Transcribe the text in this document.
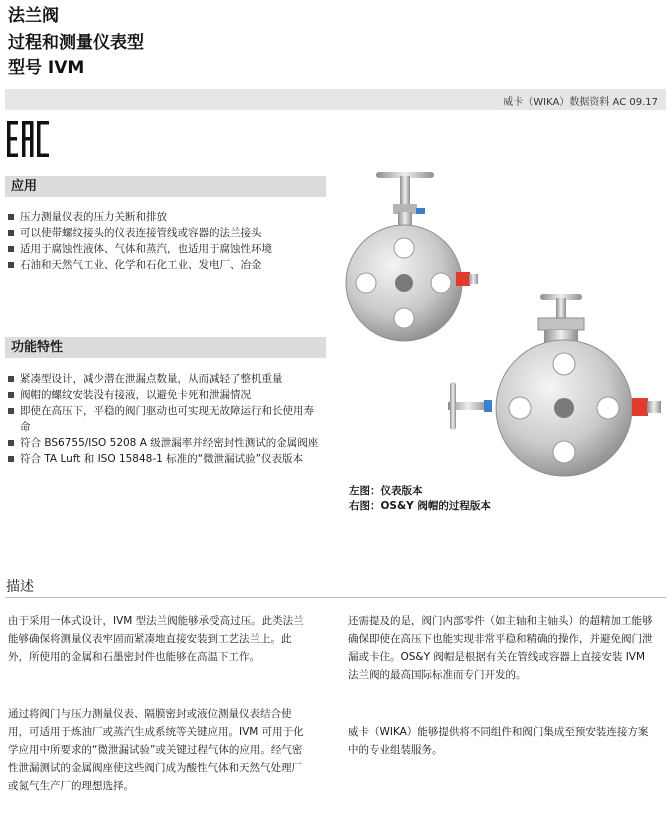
法兰阀
过程和测量仪表型
型号 IVM
威卡（WIKA）数据资料 AC 09.17
应用
压力测量仪表的压力关断和排放
可以使带螺纹接头的仪表连接管线或容器的法兰接头
适用于腐蚀性液体、气体和蒸汽，也适用于腐蚀性环境
石油和天然气工业、化学和石化工业、发电厂、冶金
功能特性
紧凑型设计，减少潜在泄漏点数量，从而减轻了整机重量
阀帽的螺纹安装没有接液，以避免卡死和泄漏情况
即使在高压下，平稳的阀门驱动也可实现无故障运行和长使用寿命
符合 BS6755/ISO 5208 A 级泄漏率并经密封性测试的金属阀座
符合 TA Luft 和 ISO 15848-1 标准的“微泄漏试验”仪表版本
左图：仪表版本
右图：OS&Y 阀帽的过程版本
描述

由于采用一体式设计，IVM 型法兰阀能够承受高过压。此类法兰能够确保将测量仪表牢固而紧凑地直接安装到工艺法兰上。此外，所使用的金属和石墨密封件也能够在高温下工作。

通过将阀门与压力测量仪表、隔膜密封或液位测量仪表结合使用，可适用于炼油厂或蒸汽生成系统等关键应用。IVM 可用于化学应用中所要求的“微泄漏试验”或关键过程气体的应用。经气密性泄漏测试的金属阀座使这些阀门成为酸性气体和天然气处理厂或氮气生产厂的理想选择。

还需提及的是，阀门内部零件（如主轴和主轴头）的超精加工能够确保即使在高压下也能实现非常平稳和精确的操作，并避免阀门泄漏或卡住。OS&Y 阀帽是根据有关在管线或容器上直接安装 IVM 法兰阀的最高国际标准而专门开发的。

威卡（WIKA）能够提供将不同组件和阀门集成至预安装连接方案中的专业组装服务。
